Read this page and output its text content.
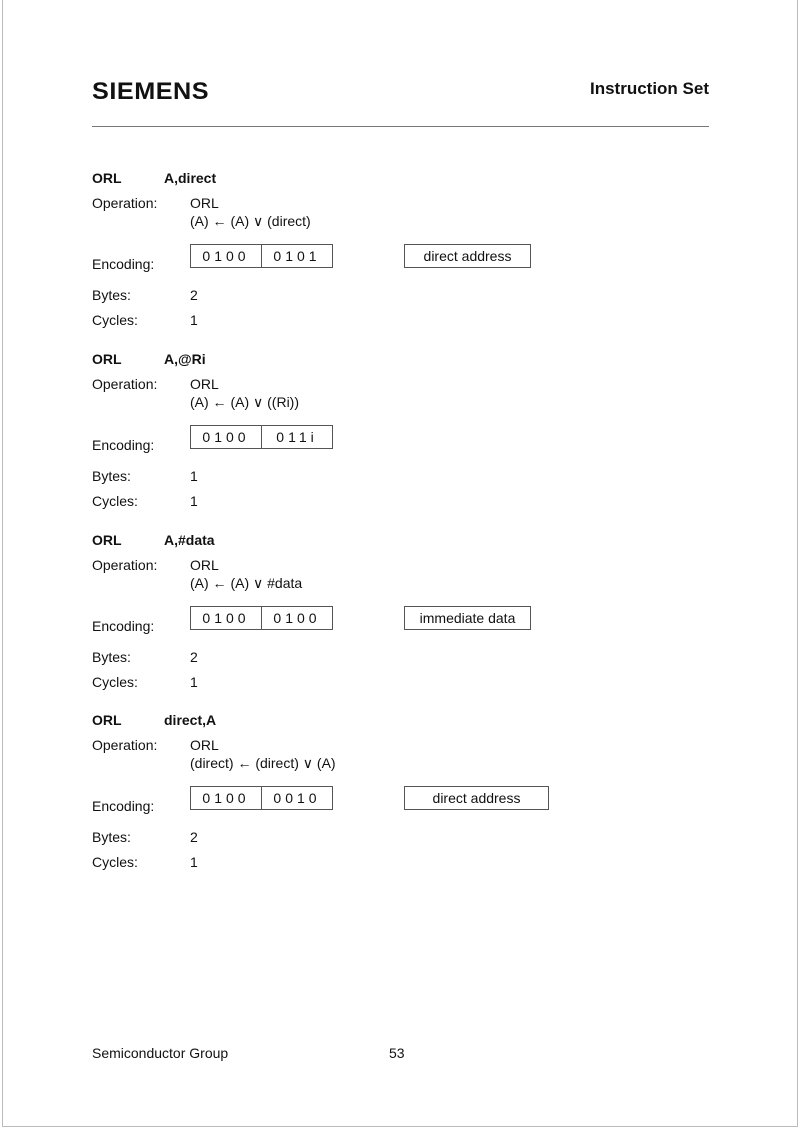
SIEMENS	Instruction Set
ORL	A,direct
Operation: ORL
(A) ← (A) ∨ (direct)
Encoding:	0100	0101	direct address
Bytes:	2
Cycles:	1
ORL	A,@Ri
Operation: ORL
(A) ← (A) ∨ ((Ri))
Encoding:	0100	011i
Bytes:	1
Cycles:	1
ORL	A,#data
Operation: ORL
(A) ← (A) ∨ #data
Encoding:	0100	0100	immediate data
Bytes:	2
Cycles:	1
ORL	direct,A
Operation: ORL
(direct) ← (direct) ∨ (A)
Encoding:	0100	0010	direct address
Bytes:	2
Cycles:	1
Semiconductor Group	53
